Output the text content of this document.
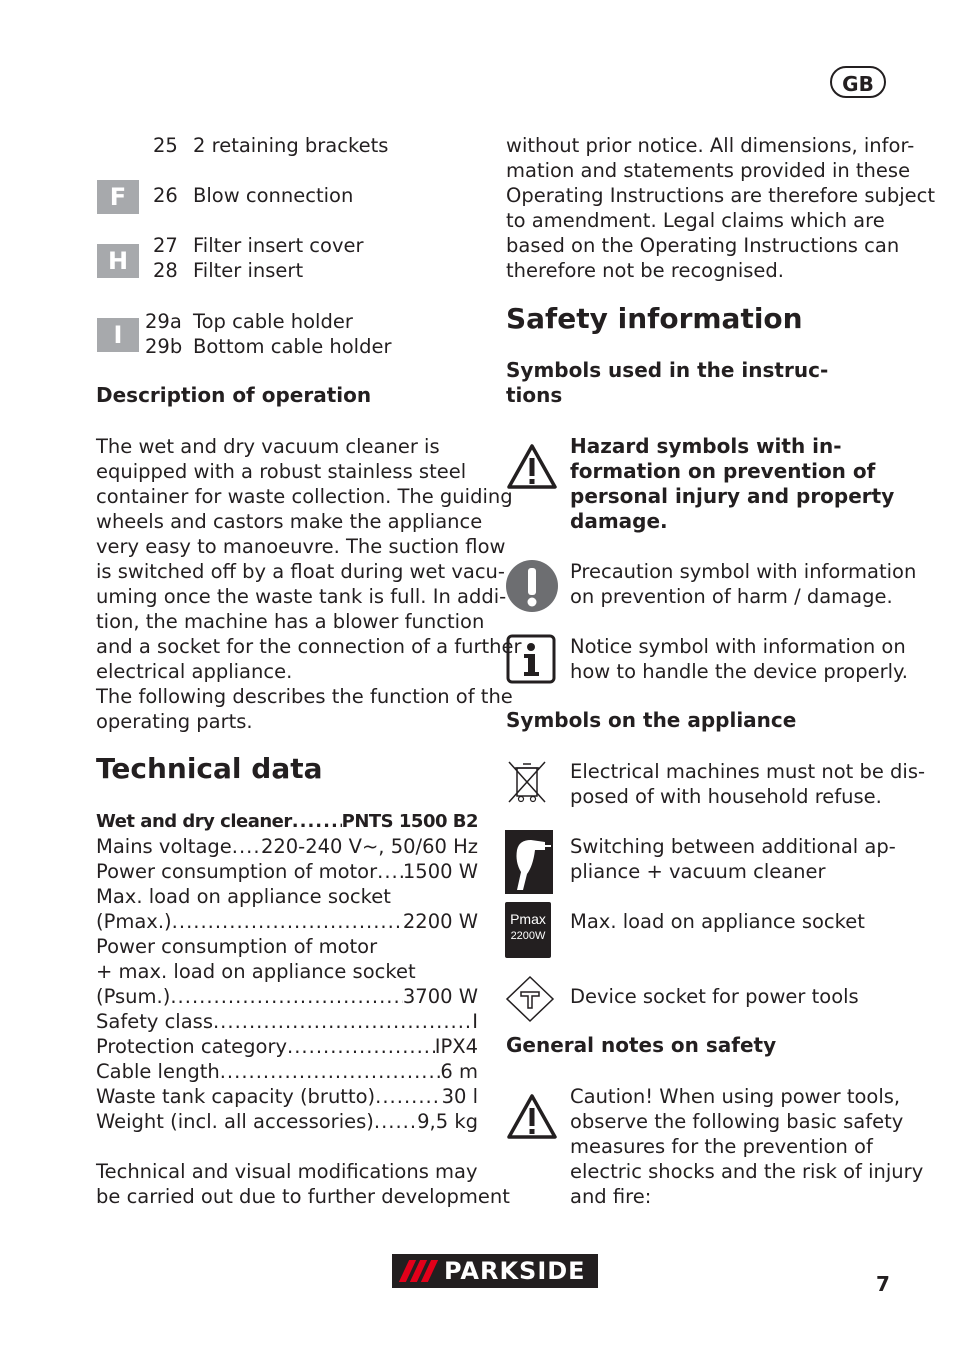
GB
25 2 retaining brackets
F	26 Blow connection
H
27 Filter insert cover
28 Filter insert
I	29a Top cable holder
29b Bottom cable holder
Description of operation
The wet and dry vacuum cleaner is
equipped with a robust stainless steel
container for waste collection. The guiding
wheels and castors make the appliance
very easy to manoeuvre. The suction flow
is switched off by a float during wet vacu-
uming once the waste tank is full. In addi-
tion, the machine has a blower function
and a socket for the connection of a further
electrical appliance.
The following describes the function of the
operating parts.
Technical data
Wet and dry cleaner .....	PNTS 1500 B2
Mains voltage ..... 220-240 V~, 50/60 Hz
Power consumption of motor ..... 1500 W
Max. load on appliance socket
(Pmax.) .....	2200 W
Power consumption of motor
+ max. load on appliance socket
(Psum.) .....	3700 W
Safety class .....	I
Protection category .....	IPX4
Cable length .....	6 m
Waste tank capacity (brutto) .....	30 l
Weight (incl. all accessories) ..... 9,5 kg
Technical and visual modifications may
be carried out due to further development
without prior notice. All dimensions, infor-
mation and statements provided in these
Operating Instructions are therefore subject
to amendment. Legal claims which are
based on the Operating Instructions can
therefore not be recognised.
Safety information
Symbols used in the instruc-
tions
Hazard symbols with in-
formation on prevention of
personal injury and property
damage.
Precaution symbol with information
on prevention of harm / damage.
Notice symbol with information on
how to handle the device properly.
Symbols on the appliance
Electrical machines must not be dis-
posed of with household refuse.
Switching between additional ap-
pliance + vacuum cleaner
Pmax
2200W
Max. load on appliance socket
Device socket for power tools
General notes on safety
Caution! When using power tools,
observe the following basic safety
measures for the prevention of
electric shocks and the risk of injury
and fire:
PARKSIDE	7
